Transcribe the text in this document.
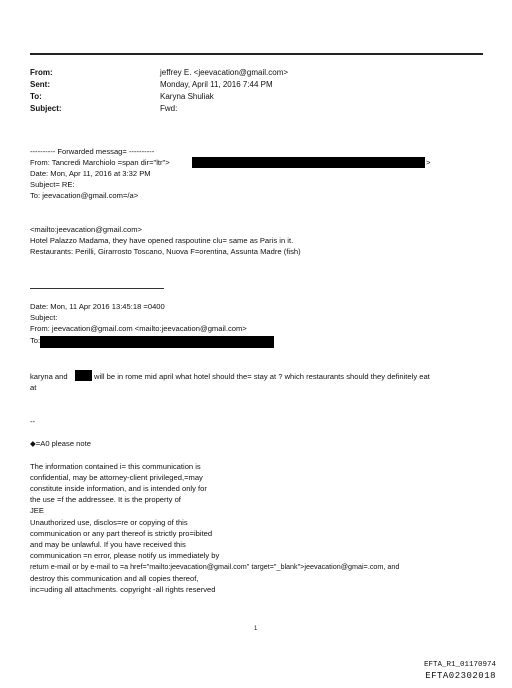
From:	jeffrey E. <jeevacation@gmail.com>
Sent:	Monday, April 11, 2016 7:44 PM
To:	Karyna Shuliak
Subject:	Fwd:
---------- Forwarded messag= ----------
From: Tancredi Marchiolo =span dir="ltr">	>
Date: Mon, Apr 11, 2016 at 3:32 PM
Subject= RE:
To: jeevacation@gmail.com=/a>
<mailto:jeevacation@gmail.com>
Hotel Palazzo Madama, they have opened raspoutine clu= same as Paris in it.
Restaurants: Perilli, Girarrosto Toscano, Nuova F=orentina, Assunta Madre (fish)
Date: Mon, 11 Apr 2016 13:45:18 =0400
Subject:
From: jeevacation@gmail.com <mailto:jeevacation@gmail.com>
To:
karyna and	will be in rome mid april what hotel should the= stay at ? which restaurants should they definitely eat
at
--
◆=A0 please note
The information contained i= this communication is
confidential, may be attorney-client privileged,=may
constitute inside information, and is intended only for
the use =f the addressee. It is the property of
JEE
Unauthorized use, disclos=re or copying of this
communication or any part thereof is strictly pro=ibited
and may be unlawful. If you have received this
communication =n error, please notify us immediately by
return e-mail or by e-mail to =a href="mailto:jeevacation@gmail.com" target="_blank">jeevacation@gmai=.com, and
destroy this communication and all copies thereof,
inc=uding all attachments. copyright -all rights reserved
1
EFTA_R1_01170974
EFTA02302018
